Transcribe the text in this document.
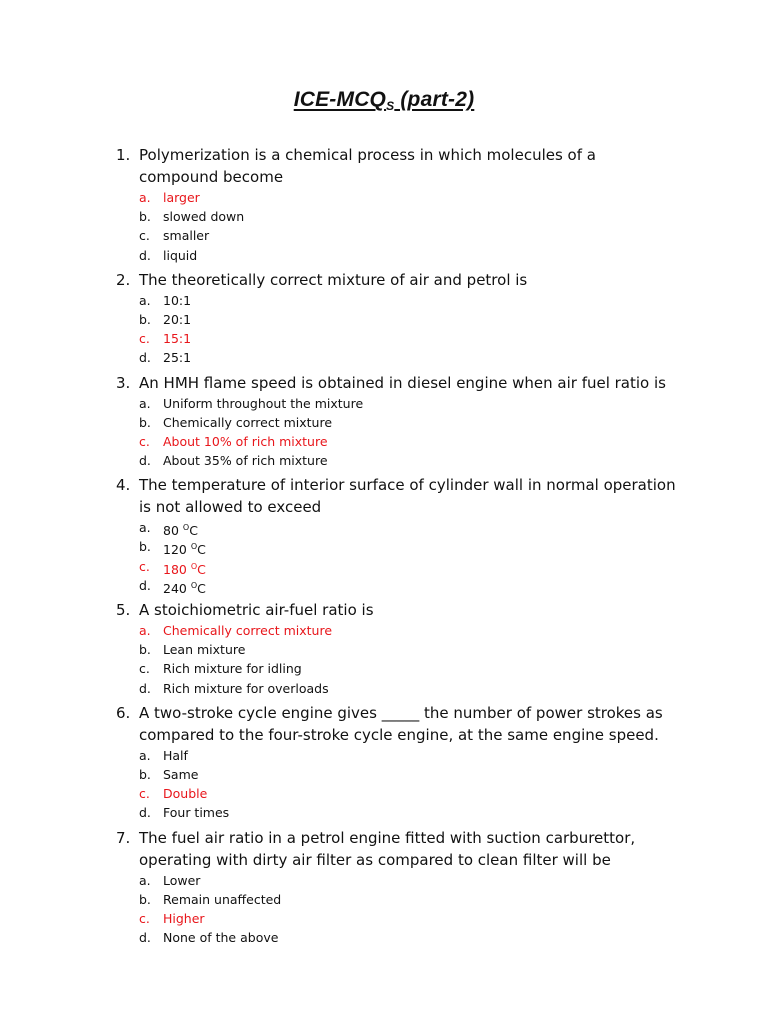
ICE-$MCQ_S$ (part-2)
1. Polymerization is a chemical process in which molecules of a compound become
a. larger
b. slowed down
c. smaller
d. liquid
2. The theoretically correct mixture of air and petrol is
a. 10:1
b. 20:1
c. 15:1
d. 25:1
3. An HMH flame speed is obtained in diesel engine when air fuel ratio is
a. Uniform throughout the mixture
b. Chemically correct mixture
c. About 10% of rich mixture
d. About 35% of rich mixture
4. The temperature of interior surface of cylinder wall in normal operation is not allowed to exceed
a. 80 $^O$C
b. 120 $^O$C
c. 180 $^O$C
d. 240 $^O$C
5. A stoichiometric air-fuel ratio is
a. Chemically correct mixture
b. Lean mixture
c. Rich mixture for idling
d. Rich mixture for overloads
6. A two-stroke cycle engine gives _____ the number of power strokes as compared to the four-stroke cycle engine, at the same engine speed.
a. Half
b. Same
c. Double
d. Four times
7. The fuel air ratio in a petrol engine fitted with suction carburettor, operating with dirty air filter as compared to clean filter will be
a. Lower
b. Remain unaffected
c. Higher
d. None of the above
